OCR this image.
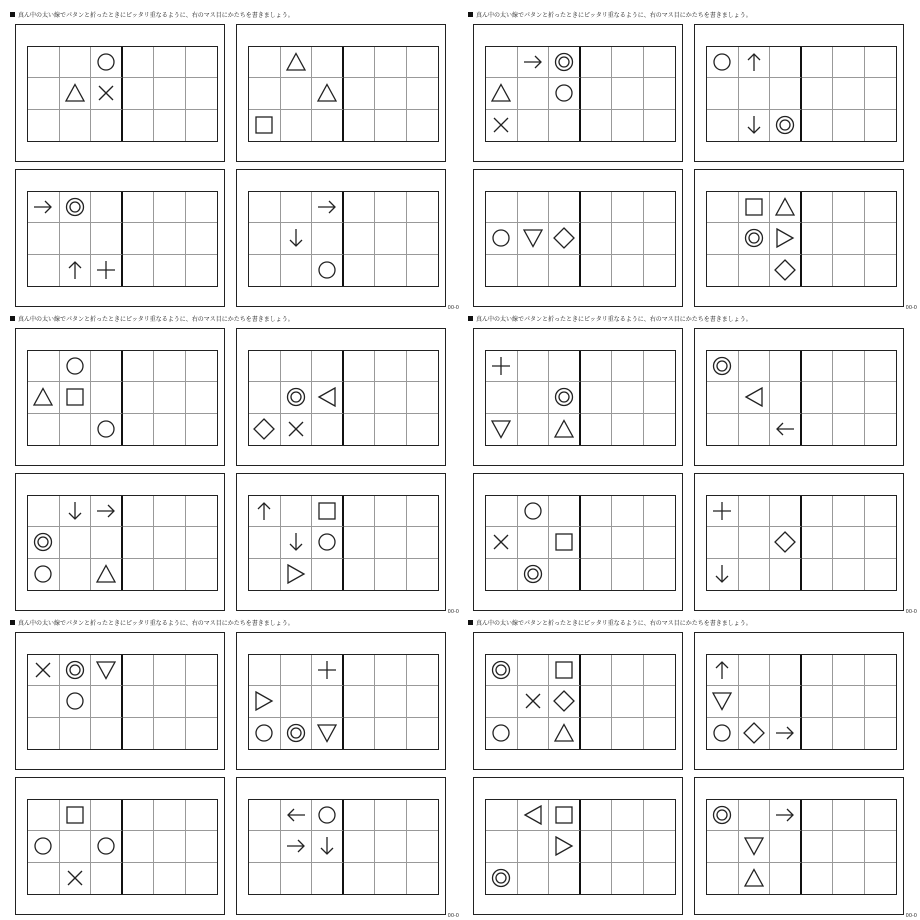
真ん中の太い線でパタンと折ったときにピッタリ重なるように、右のマス目にかたちを書きましょう。
00-0
真ん中の太い線でパタンと折ったときにピッタリ重なるように、右のマス目にかたちを書きましょう。
00-0
真ん中の太い線でパタンと折ったときにピッタリ重なるように、右のマス目にかたちを書きましょう。
00-0
真ん中の太い線でパタンと折ったときにピッタリ重なるように、右のマス目にかたちを書きましょう。
00-0
真ん中の太い線でパタンと折ったときにピッタリ重なるように、右のマス目にかたちを書きましょう。
00-0
真ん中の太い線でパタンと折ったときにピッタリ重なるように、右のマス目にかたちを書きましょう。
00-0
